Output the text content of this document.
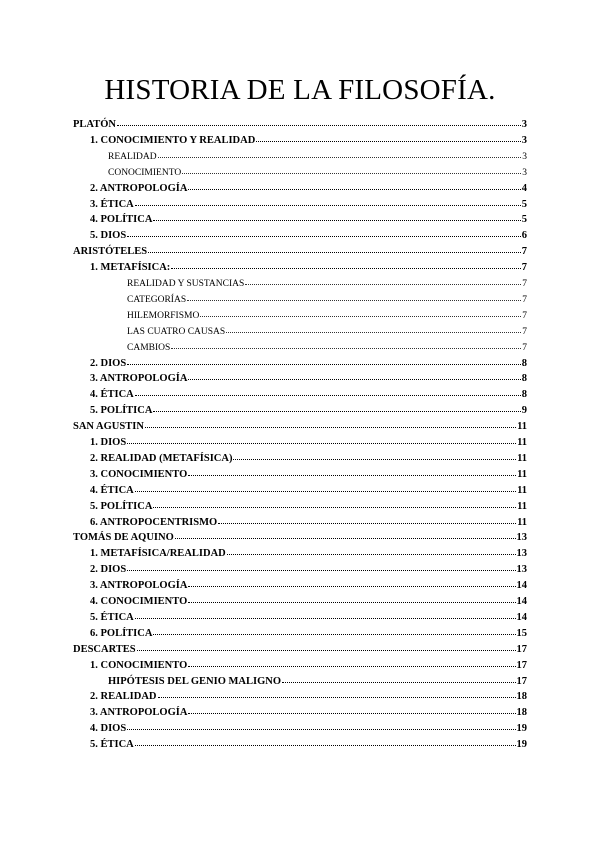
HISTORIA DE LA FILOSOFÍA.
PLATÓN	3
1. CONOCIMIENTO Y REALIDAD	3
REALIDAD	3
CONOCIMIENTO	3
2. ANTROPOLOGÍA	4
3. ÉTICA	5
4. POLÍTICA	5
5. DIOS	6
ARISTÓTELES	7
1. METAFÍSICA:	7
REALIDAD Y SUSTANCIAS	7
CATEGORÍAS	7
HILEMORFISMO	7
LAS CUATRO CAUSAS	7
CAMBIOS	7
2. DIOS	8
3. ANTROPOLOGÍA	8
4. ÉTICA	8
5. POLÍTICA	9
SAN AGUSTIN	11
1. DIOS	11
2. REALIDAD (METAFÍSICA)	11
3. CONOCIMIENTO	11
4. ÉTICA	11
5. POLÍTICA	11
6. ANTROPOCENTRISMO	11
TOMÁS DE AQUINO	13
1. METAFÍSICA/REALIDAD	13
2. DIOS	13
3. ANTROPOLOGÍA	14
4. CONOCIMIENTO	14
5. ÉTICA	14
6. POLÍTICA	15
DESCARTES	17
1. CONOCIMIENTO	17
HIPÓTESIS DEL GENIO MALIGNO	17
2. REALIDAD	18
3. ANTROPOLOGÍA	18
4. DIOS	19
5. ÉTICA	19
